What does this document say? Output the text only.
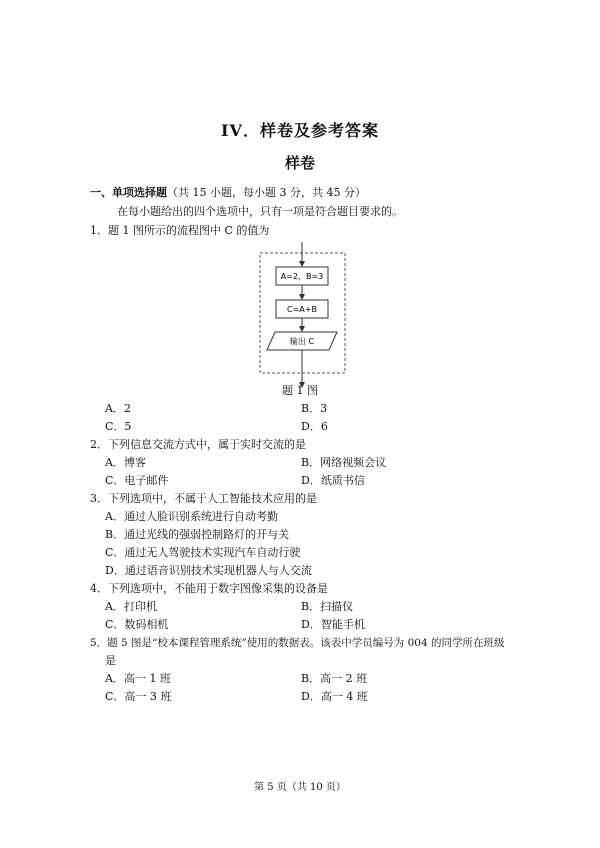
IV．样卷及参考答案
样卷
一、单项选择题（共 15 小题，每小题 3 分，共 45 分）
在每小题给出的四个选项中，只有一项是符合题目要求的。
1．题 1 图所示的流程图中 C 的值为
A=2，B=3
C=A+B
输出 C
题 1 图
A．2	B．3
C．5	D．6
2．下列信息交流方式中，属于实时交流的是
A．博客	B．网络视频会议
C．电子邮件	D．纸质书信
3．下列选项中，不属于人工智能技术应用的是
A．通过人脸识别系统进行自动考勤
B．通过光线的强弱控制路灯的开与关
C．通过无人驾驶技术实现汽车自动行驶
D．通过语音识别技术实现机器人与人交流
4．下列选项中，不能用于数字图像采集的设备是
A．打印机	B．扫描仪
C．数码相机	D．智能手机
5．题 5 图是“校本课程管理系统”使用的数据表。该表中学员编号为 004 的同学所在班级
是
A．高一 1 班	B．高一 2 班
C．高一 3 班	D．高一 4 班
第 5 页（共 10 页）
